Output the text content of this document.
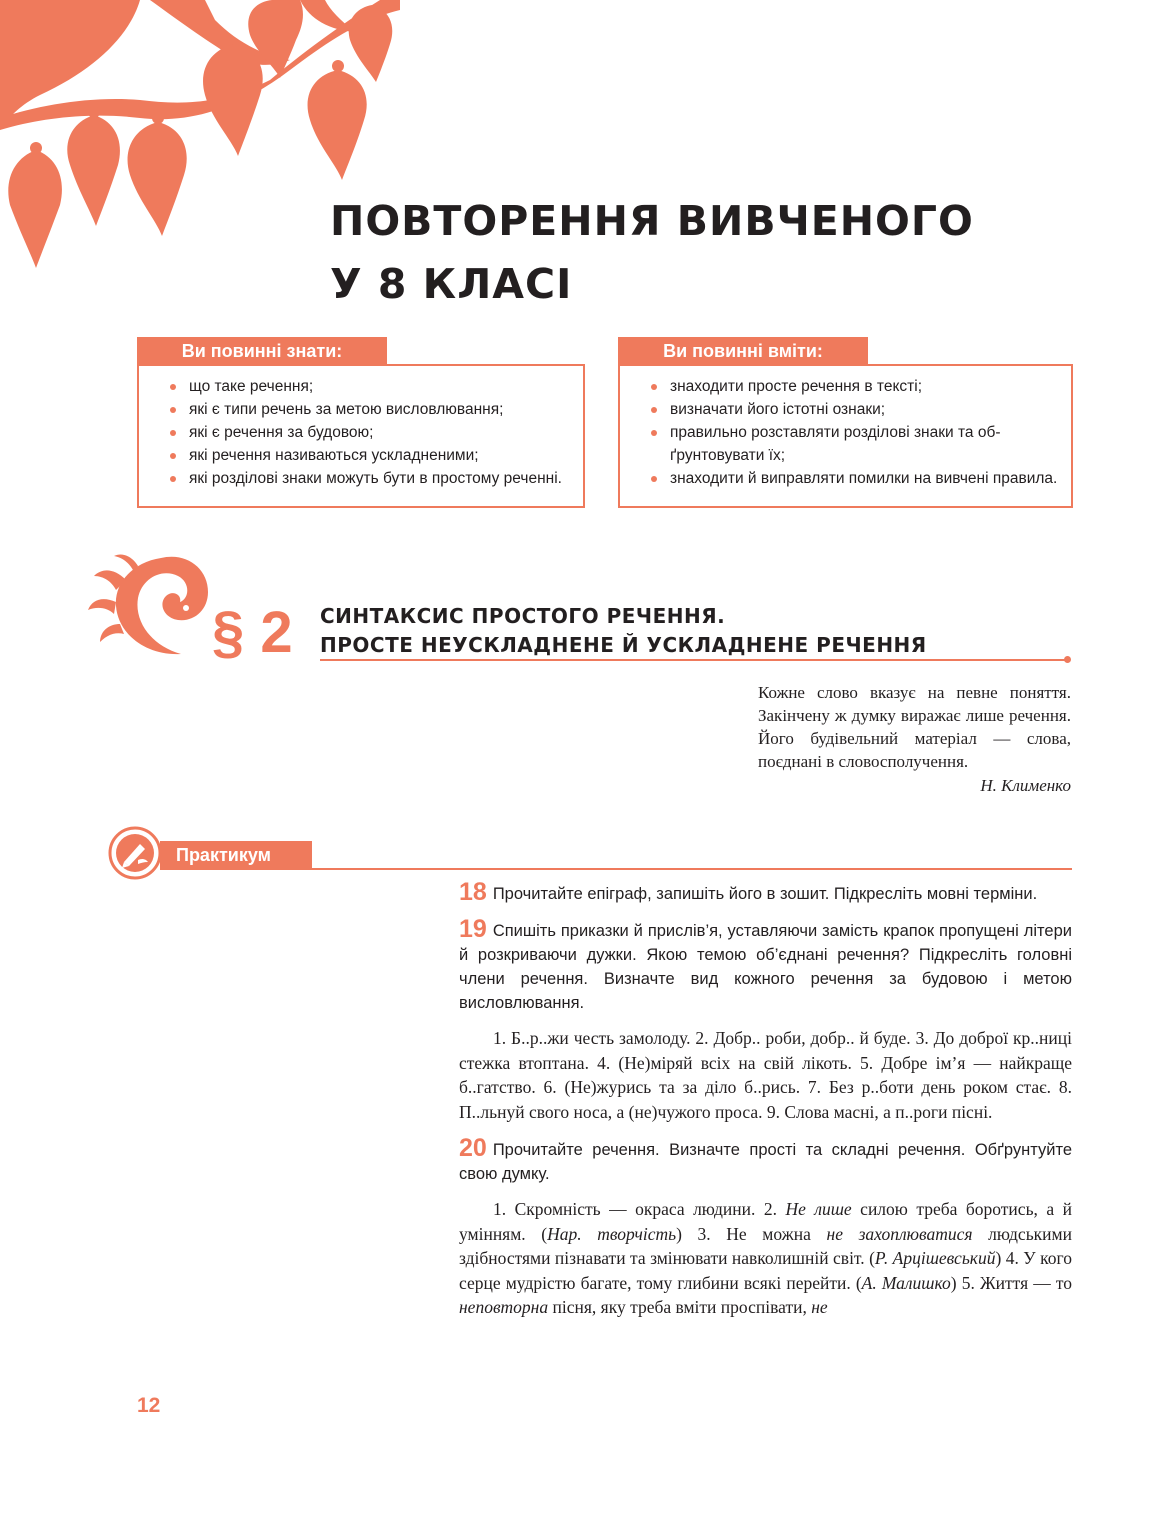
ПОВТОРЕННЯ ВИВЧЕНОГО
У 8 КЛАСІ
Ви повинні знати:
що таке речення;
які є типи речень за метою висловлювання;
які є речення за будовою;
які речення називаються ускладненими;
які розділові знаки можуть бути в простому реченні.
Ви повинні вміти:
знаходити просте речення в тексті;
визначати його істотні ознаки;
правильно розставляти розділові знаки та об-ґрунтовувати їх;
знаходити й виправляти помилки на вивчені правила.
§ 2 СИНТАКСИС ПРОСТОГО РЕЧЕННЯ.
ПРОСТЕ НЕУСКЛАДНЕНЕ Й УСКЛАДНЕНЕ РЕЧЕННЯ
Кожне слово вказує на певне поняття. Закінчену ж думку виражає лише речення. Його будівельний матеріал — слова, поєднані в словосполучення.
Н. Клименко
Практикум
18 Прочитайте епіграф, запишіть його в зошит. Підкресліть мовні терміни.
19 Спишіть приказки й прислів’я, уставляючи замість крапок пропущені літери й розкриваючи дужки. Якою темою об’єднані речення? Підкресліть головні члени речення. Визначте вид кожного речення за будовою і метою висловлювання.

1. Б..р..жи честь замолоду. 2. Добр.. роби, добр.. й буде. 3. До доброї кр..ниці стежка втоптана. 4. (Не)міряй всіх на свій лікоть. 5. Добре ім’я — найкраще б..гатство. 6. (Не)журись та за діло б..рись. 7. Без р..боти день роком стає. 8. П..льнуй свого носа, а (не)чужого проса. 9. Слова масні, а п..роги пісні.

20 Прочитайте речення. Визначте прості та складні речення. Обґрунтуйте свою думку.

1. Скромність — окраса людини. 2. Не лише силою треба боротись, а й умінням. (Нар. творчість) 3. Не можна не захоплюватися людськими здібностями пізнавати та змінювати навколишній світ. (Р. Арцішевський) 4. У кого серце мудрістю багате, тому глибини всякі перейти. (А. Малишко) 5. Життя — то неповторна пісня, яку треба вміти проспівати, не

12
